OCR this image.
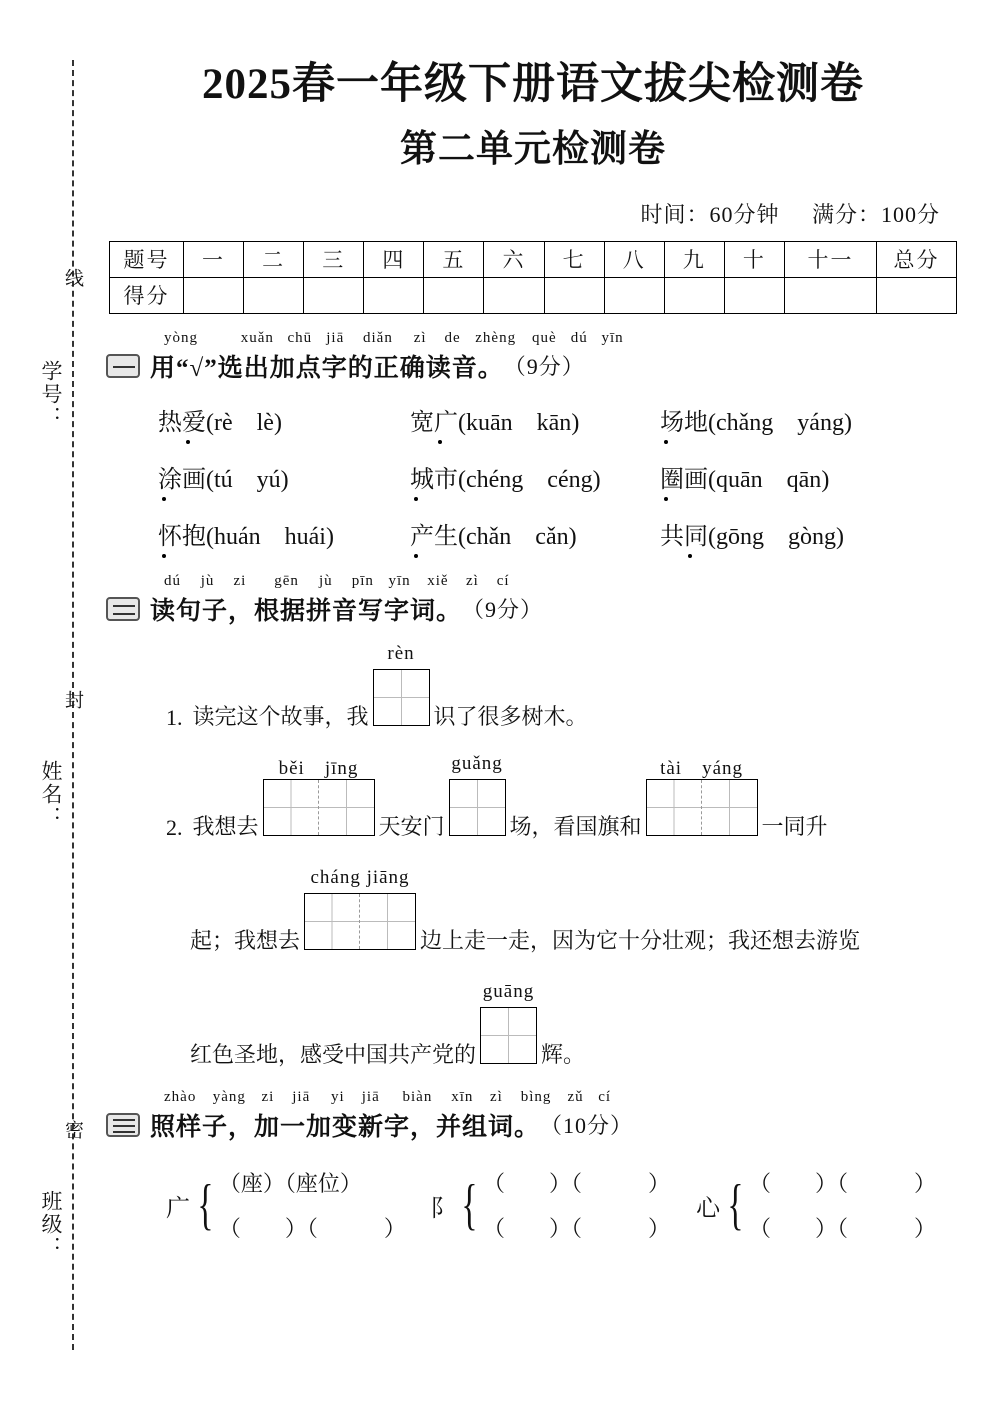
线
学号：
封
姓名：
密
班级：
2025春一年级下册语文拔尖检测卷
第二单元检测卷
时间：60分钟 满分：100分
题号	一	二	三	四	五	六	七	八	九	十	十一	总分
得分												
yòng	xuǎn chū jiā diǎn zì de zhèng què dú yīn
用“√”选出加点字的正确读音。 （9分）
热爱(rè　lè)	宽广(kuān　kān)	场地(chǎng　yáng)
涂画(tú　yú)	城市(chéng　céng)	圈画(quān　qān)
怀抱(huán　huái)	产生(chǎn　cǎn)	共同(gōng　gòng)
dú jù zi gēn jù pīn yīn xiě zì cí
读句子，根据拼音写字词。 （9分）
1. 读完这个故事，我
rèn
识了很多树木。
2. 我想去
běi　jīng
天安门
guǎng
场，看国旗和
tài　yáng
一同升
起；我想去
cháng jiāng
边上走一走，因为它十分壮观；我还想去游览
红色圣地，感受中国共产党的
guāng
辉。
zhào yàng zi jiā yi jiā biàn xīn zì bìng zǔ cí
照样子，加一加变新字，并组词。 （10分）
广 { （座）（座位）
（　　）（　　　）
阝 { （　　）（　　　）
（　　）（　　　）
心 { （　　）（　　　）
（　　）（　　　）
